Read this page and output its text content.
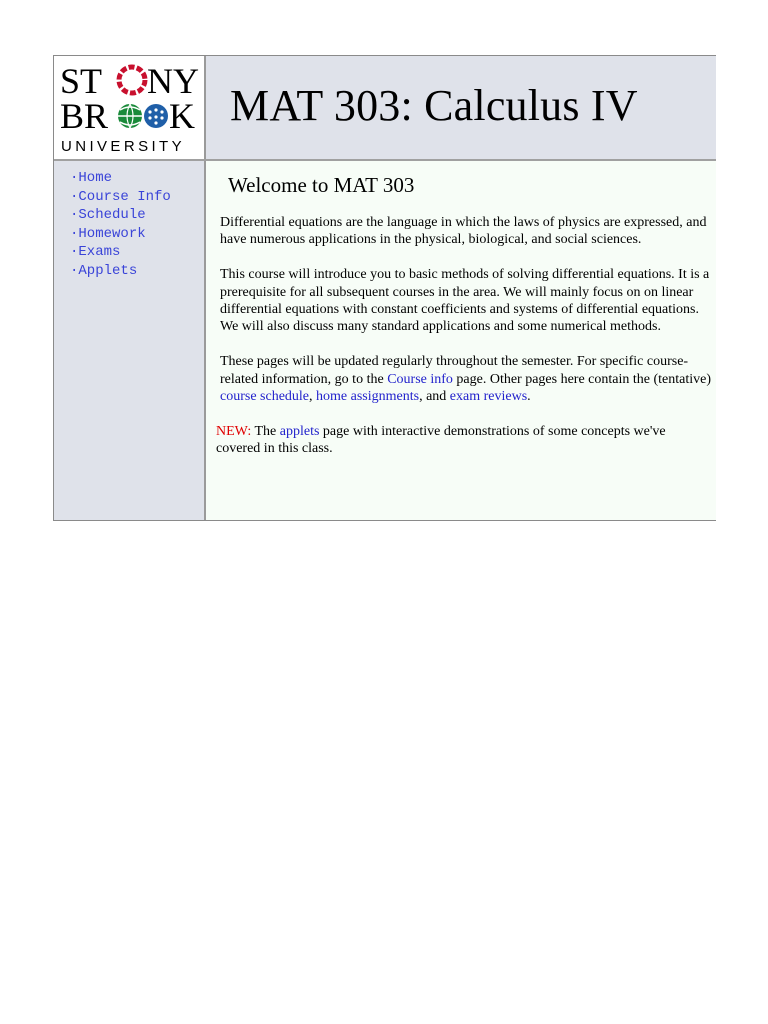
ST NY
BR K
UNIVERSITY
MAT 303: Calculus IV
·Home
·Course Info
·Schedule
·Homework
·Exams
·Applets
Welcome to MAT 303

Differential equations are the language in which the laws of physics are expressed, and have numerous applications in the physical, biological, and social sciences.

This course will introduce you to basic methods of solving differential equations. It is a prerequisite for all subsequent courses in the area. We will mainly focus on on linear differential equations with constant coefficients and systems of differential equations. We will also discuss many standard applications and some numerical methods.

These pages will be updated regularly throughout the semester. For specific course-related information, go to the Course info page. Other pages here contain the (tentative) course schedule, home assignments, and exam reviews.

NEW: The applets page with interactive demonstrations of some concepts we've covered in this class.
